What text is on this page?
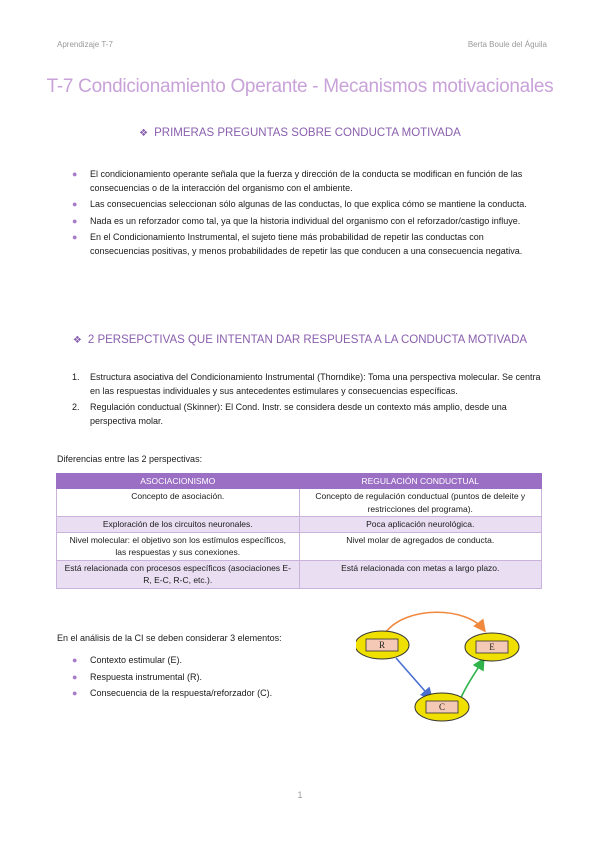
Aprendizaje T-7	Berta Boule del Águila
T-7 Condicionamiento Operante - Mecanismos motivacionales
❖ PRIMERAS PREGUNTAS SOBRE CONDUCTA MOTIVADA
● El condicionamiento operante señala que la fuerza y dirección de la conducta se modifican en función de las consecuencias o de la interacción del organismo con el ambiente.
● Las consecuencias seleccionan sólo algunas de las conductas, lo que explica cómo se mantiene la conducta.
● Nada es un reforzador como tal, ya que la historia individual del organismo con el reforzador/castigo influye.
● En el Condicionamiento Instrumental, el sujeto tiene más probabilidad de repetir las conductas con consecuencias positivas, y menos probabilidades de repetir las que conducen a una consecuencia negativa.
❖ 2 PERSEPCTIVAS QUE INTENTAN DAR RESPUESTA A LA CONDUCTA MOTIVADA
1. Estructura asociativa del Condicionamiento Instrumental (Thorndike): Toma una perspectiva molecular. Se centra en las respuestas individuales y sus antecedentes estimulares y consecuencias específicas.
2. Regulación conductual (Skinner): El Cond. Instr. se considera desde un contexto más amplio, desde una perspectiva molar.
Diferencias entre las 2 perspectivas:
ASOCIACIONISMO	REGULACIÓN CONDUCTUAL
Concepto de asociación.	Concepto de regulación conductual (puntos de deleite y restricciones del programa).
Exploración de los circuitos neuronales.	Poca aplicación neurológica.
Nivel molecular: el objetivo son los estímulos específicos, las respuestas y sus conexiones.	Nivel molar de agregados de conducta.
Está relacionada con procesos específicos (asociaciones E-R, E-C, R-C, etc.).	Está relacionada con metas a largo plazo.
En el análisis de la CI se deben considerar 3 elementos:
● Contexto estimular (E).
● Respuesta instrumental (R).
● Consecuencia de la respuesta/reforzador (C).
R	E
C
1
